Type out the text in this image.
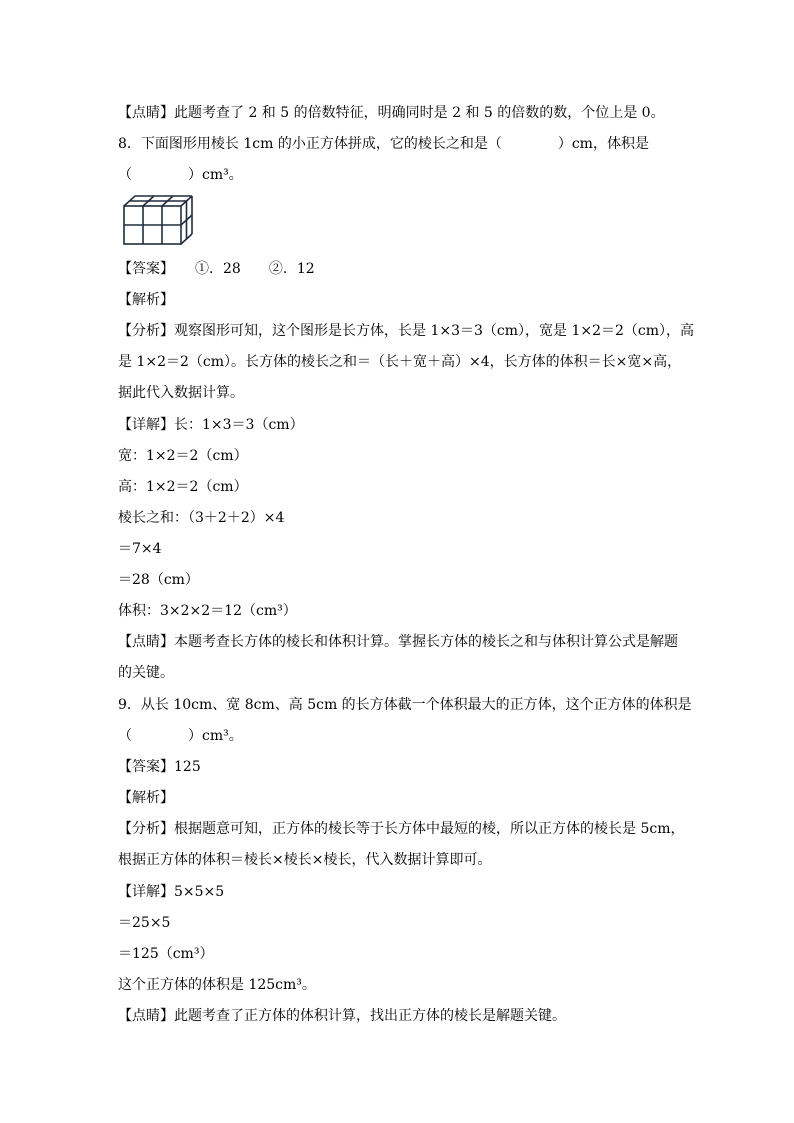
【点睛】此题考查了 2 和 5 的倍数特征，明确同时是 2 和 5 的倍数的数，个位上是 0。
8．下面图形用棱长 1cm 的小正方体拼成，它的棱长之和是（　　　　）cm，体积是
（　　　　）cm³。
【答案】　　①．28　　②．12
【解析】
【分析】观察图形可知，这个图形是长方体，长是 1×3＝3（cm），宽是 1×2＝2（cm），高
是 1×2＝2（cm）。长方体的棱长之和＝（长＋宽＋高）×4，长方体的体积＝长×宽×高，
据此代入数据计算。
【详解】长：1×3＝3（cm）
宽：1×2＝2（cm）
高：1×2＝2（cm）
棱长之和：（3＋2＋2）×4
＝7×4
＝28（cm）
体积：3×2×2＝12（cm³）
【点睛】本题考查长方体的棱长和体积计算。掌握长方体的棱长之和与体积计算公式是解题
的关键。
9．从长 10cm、宽 8cm、高 5cm 的长方体截一个体积最大的正方体，这个正方体的体积是
（　　　　）cm³。
【答案】125
【解析】
【分析】根据题意可知，正方体的棱长等于长方体中最短的棱，所以正方体的棱长是 5cm，
根据正方体的体积＝棱长×棱长×棱长，代入数据计算即可。
【详解】5×5×5
＝25×5
＝125（cm³）
这个正方体的体积是 125cm³。
【点睛】此题考查了正方体的体积计算，找出正方体的棱长是解题关键。
